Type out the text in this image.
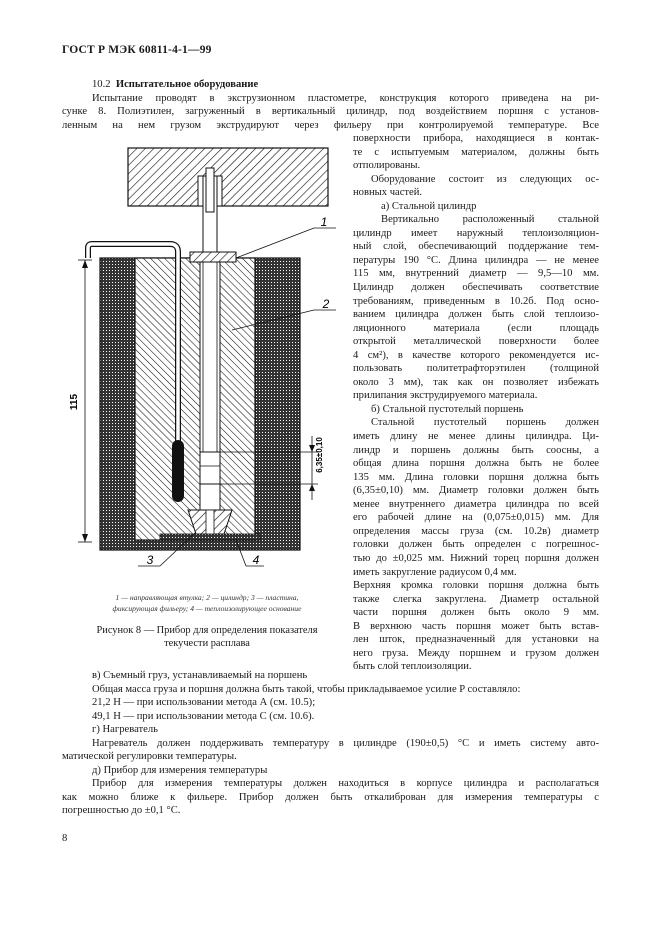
ГОСТ Р МЭК 60811-4-1—99
10.2 Испытательное оборудование
Испытание проводят в экструзионном пластометре, конструкция которого приведена на ри-
сунке 8. Полиэтилен, загруженный в вертикальный цилиндр, под воздействием поршня с установ-
ленным на нем грузом экструдируют через фильеру при контролируемой температуре. Все
поверхности прибора, находящиеся в контак-
те с испытуемым материалом, должны быть
отполированы.
Оборудование состоит из следующих ос-
новных частей.
а) Стальной цилиндр
Вертикально расположенный стальной
цилиндр имеет наружный теплоизоляцион-
ный слой, обеспечивающий поддержание тем-
пературы 190 °С. Длина цилиндра — не менее
115 мм, внутренний диаметр — 9,5—10 мм.
Цилиндр должен обеспечивать соответствие
требованиям, приведенным в 10.2б. Под осно-
ванием цилиндра должен быть слой теплоизо-
ляционного материала (если площадь
открытой металлической поверхности более
4 см²), в качестве которого рекомендуется ис-
пользовать политетрафторэтилен (толщиной
около 3 мм), так как он позволяет избежать
прилипания экструдируемого материала.
б) Стальной пустотелый поршень
Стальной пустотелый поршень должен
иметь длину не менее длины цилиндра. Ци-
линдр и поршень должны быть соосны, а
общая длина поршня должна быть не более
135 мм. Длина головки поршня должна быть
(6,35±0,10) мм. Диаметр головки должен быть
менее внутреннего диаметра цилиндра по всей
его рабочей длине на (0,075±0,015) мм. Для
определения массы груза (см. 10.2в) диаметр
головки должен быть определен с погрешнос-
тью до ±0,025 мм. Нижний торец поршня должен
иметь закругление радиусом 0,4 мм.
Верхняя кромка головки поршня должна быть
также слегка закруглена. Диаметр остальной
части поршня должен быть около 9 мм.
В верхнюю часть поршня может быть встав-
лен шток, предназначенный для установки на
него груза. Между поршнем и грузом должен
быть слой теплоизоляции.
115
6,35±0,10
1
2
3	4
1 — направляющая втулка; 2 — цилиндр; 3 — пластина,
фиксирующая фильеру; 4 — теплоизолирующее основание
Рисунок 8 — Прибор для определения показателя
текучести расплава
в) Съемный груз, устанавливаемый на поршень
Общая масса груза и поршня должна быть такой, чтобы прикладываемое усилие P составляло:
21,2 Н — при использовании метода А (см. 10.5);
49,1 Н — при использовании метода С (см. 10.6).
г) Нагреватель
Нагреватель должен поддерживать температуру в цилиндре (190±0,5) °С и иметь систему авто-
матической регулировки температуры.
д) Прибор для измерения температуры
Прибор для измерения температуры должен находиться в корпусе цилиндра и располагаться
как можно ближе к фильере. Прибор должен быть откалиброван для измерения температуры с
погрешностью до ±0,1 °С.
8
